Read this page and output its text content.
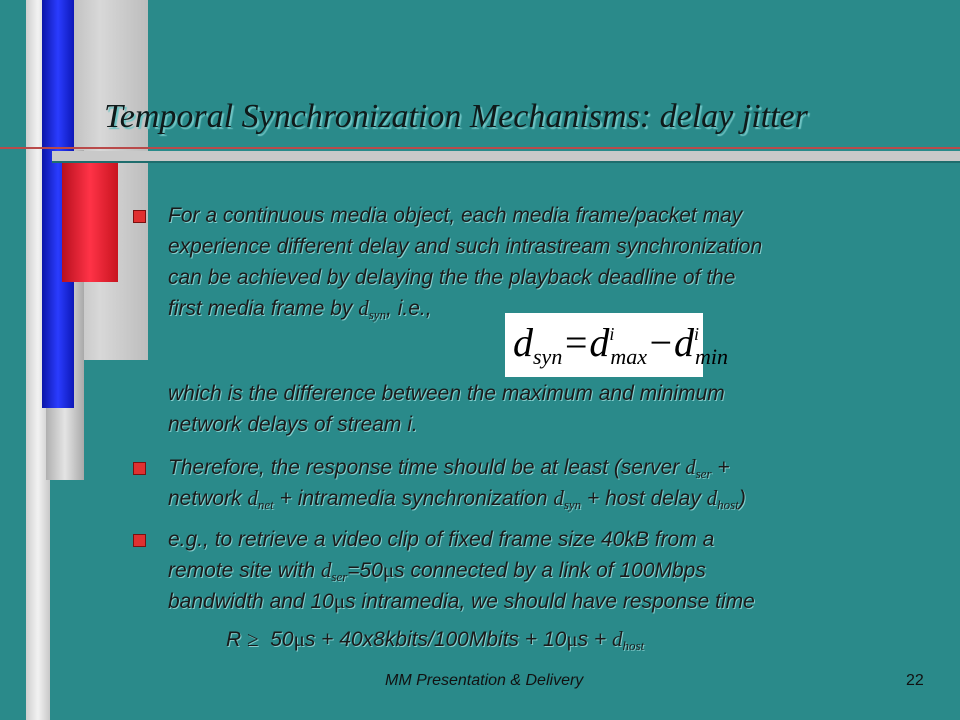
Temporal Synchronization Mechanisms: delay jitter
For a continuous media object, each media frame/packet may
experience different delay and such intrastream synchronization
can be achieved by delaying the the playback deadline of the
first media frame by $d_{syn}$, i.e.,
$d_{syn}=d^i_{max}-d^i_{min}$
which is the difference between the maximum and minimum
network delays of stream i.
Therefore, the response time should be at least (server $d_{ser}$ +
network $d_{net}$ + intramedia synchronization $d_{syn}$ + host delay $d_{host}$)
e.g., to retrieve a video clip of fixed frame size 40kB from a
remote site with $d_{ser}=50\mu s$ connected by a link of 100Mbps
bandwidth and 10μs intramedia, we should have response time
R ≥  50μs + 40x8kbits/100Mbits + $10\mu s + d_{host}$
MM Presentation & Delivery	22
